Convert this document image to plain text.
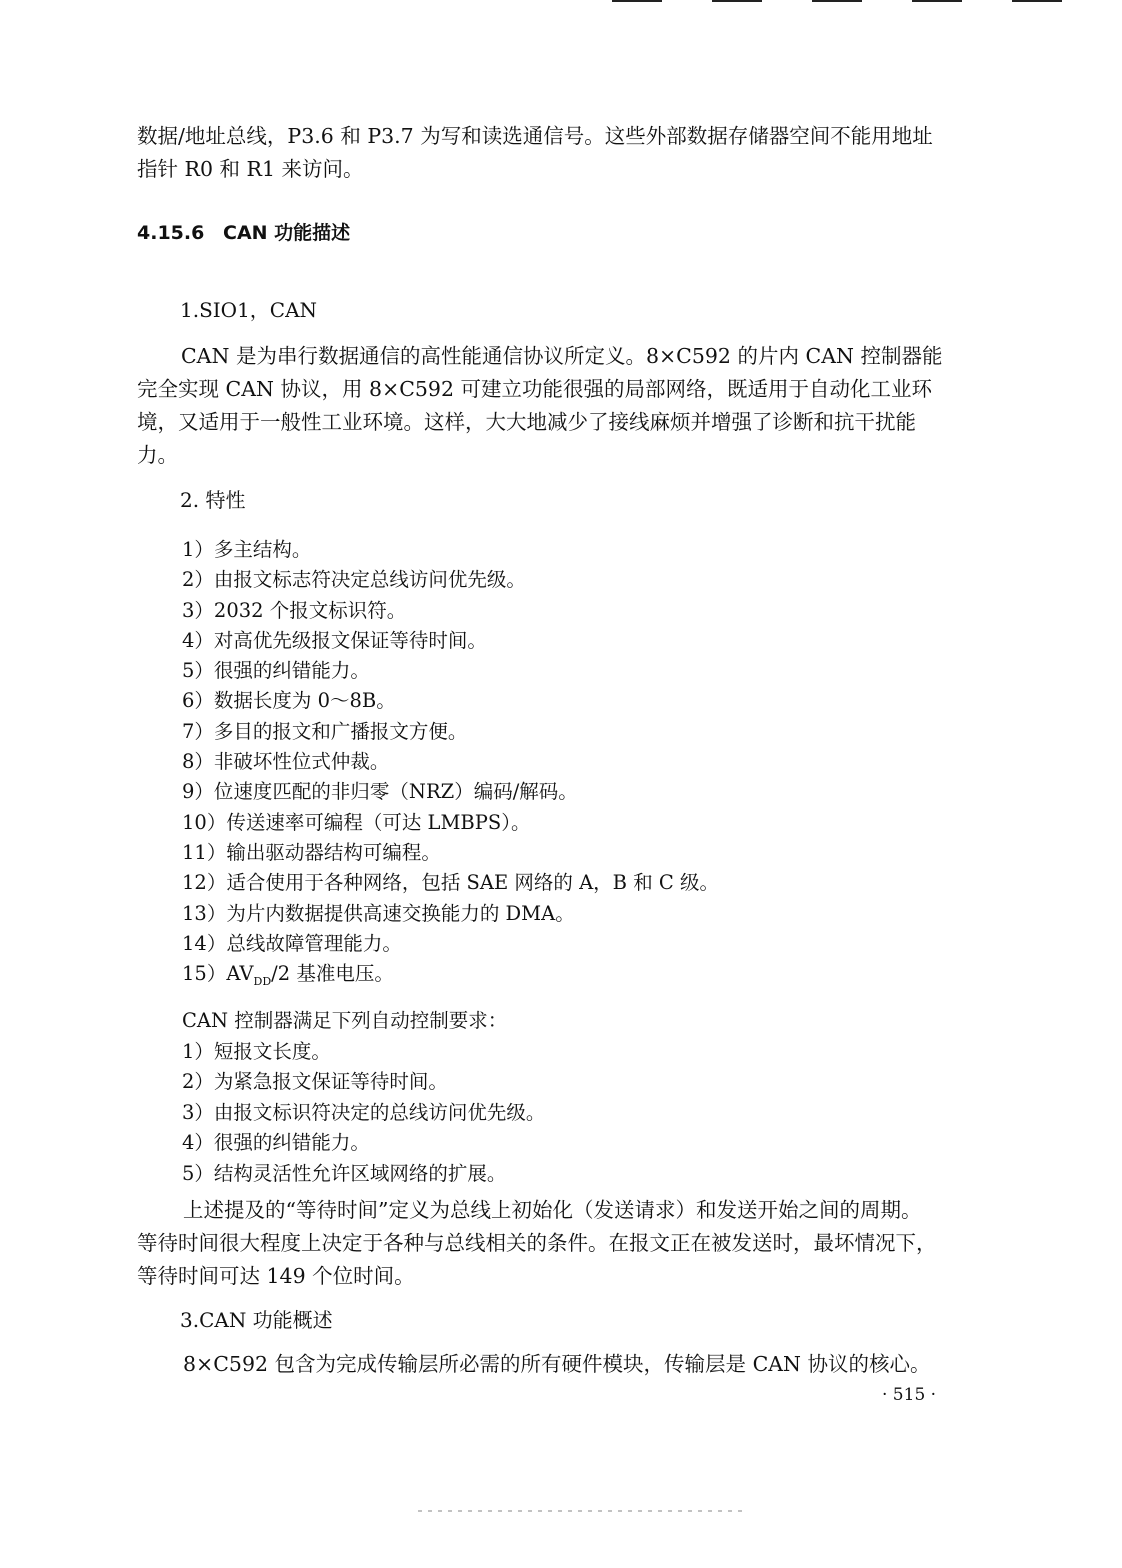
数据/地址总线，P3.6 和 P3.7 为写和读选通信号。这些外部数据存储器空间不能用地址
指针 R0 和 R1 来访问。
4.15.6 CAN 功能描述
1.SIO1，CAN
CAN 是为串行数据通信的高性能通信协议所定义。8×C592 的片内 CAN 控制器能
完全实现 CAN 协议，用 8×C592 可建立功能很强的局部网络，既适用于自动化工业环
境，又适用于一般性工业环境。这样，大大地减少了接线麻烦并增强了诊断和抗干扰能
力。
2. 特性
1）多主结构。
2）由报文标志符决定总线访问优先级。
3）2032 个报文标识符。
4）对高优先级报文保证等待时间。
5）很强的纠错能力。
6）数据长度为 0～8B。
7）多目的报文和广播报文方便。
8）非破坏性位式仲裁。
9）位速度匹配的非归零（NRZ）编码/解码。
10）传送速率可编程（可达 LMBPS）。
11）输出驱动器结构可编程。
12）适合使用于各种网络，包括 SAE 网络的 A，B 和 C 级。
13）为片内数据提供高速交换能力的 DMA。
14）总线故障管理能力。
$15)AV_{DD}/2$ 基准电压。
CAN 控制器满足下列自动控制要求：
1）短报文长度。
2）为紧急报文保证等待时间。
3）由报文标识符决定的总线访问优先级。
4）很强的纠错能力。
5）结构灵活性允许区域网络的扩展。
上述提及的“等待时间”定义为总线上初始化（发送请求）和发送开始之间的周期。
等待时间很大程度上决定于各种与总线相关的条件。在报文正在被发送时，最坏情况下，
等待时间可达 149 个位时间。
3.CAN 功能概述
8×C592 包含为完成传输层所必需的所有硬件模块，传输层是 CAN 协议的核心。
· 515 ·
